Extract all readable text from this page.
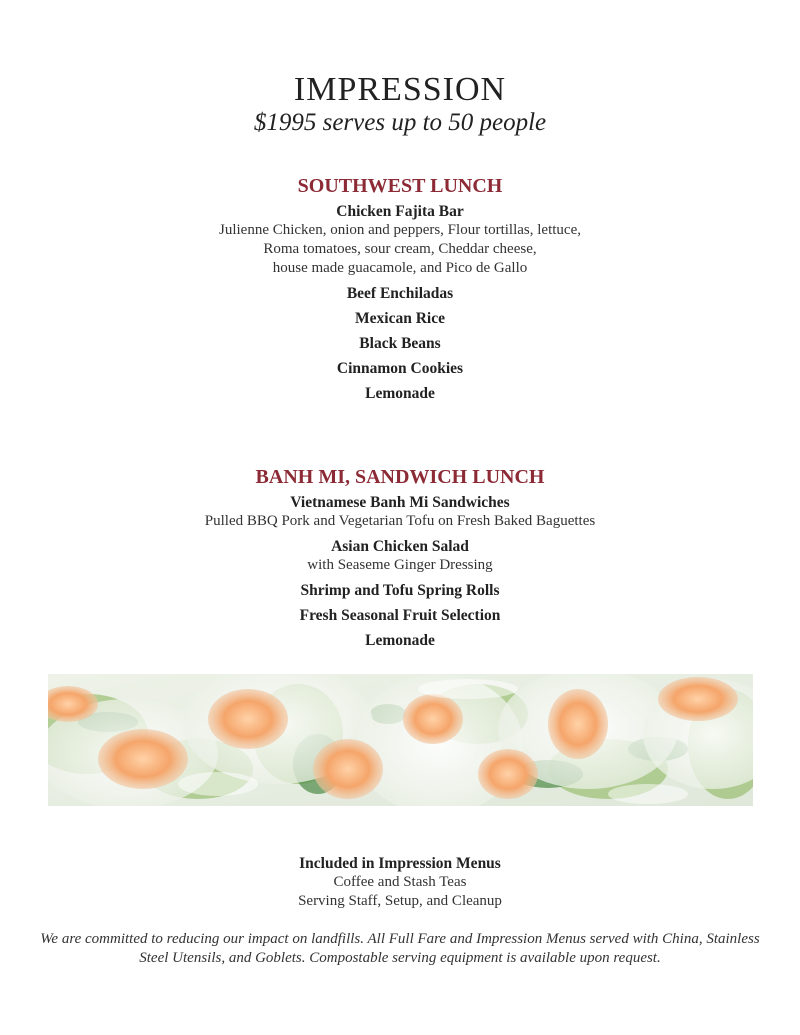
IMPRESSION
$1995 serves up to 50 people
SOUTHWEST LUNCH
Chicken Fajita Bar
Julienne Chicken, onion and peppers, Flour tortillas, lettuce,
Roma tomatoes, sour cream, Cheddar cheese,
house made guacamole, and Pico de Gallo
Beef Enchiladas
Mexican Rice
Black Beans
Cinnamon Cookies
Lemonade
BANH MI, SANDWICH LUNCH
Vietnamese Banh Mi Sandwiches
Pulled BBQ Pork and Vegetarian Tofu on Fresh Baked Baguettes
Asian Chicken Salad
with Seaseme Ginger Dressing
Shrimp and Tofu Spring Rolls
Fresh Seasonal Fruit Selection
Lemonade
Included in Impression Menus
Coffee and Stash Teas
Serving Staff, Setup, and Cleanup
We are committed to reducing our impact on landfills. All Full Fare and Impression Menus served with China, Stainless Steel Utensils, and Goblets. Compostable serving equipment is available upon request.
